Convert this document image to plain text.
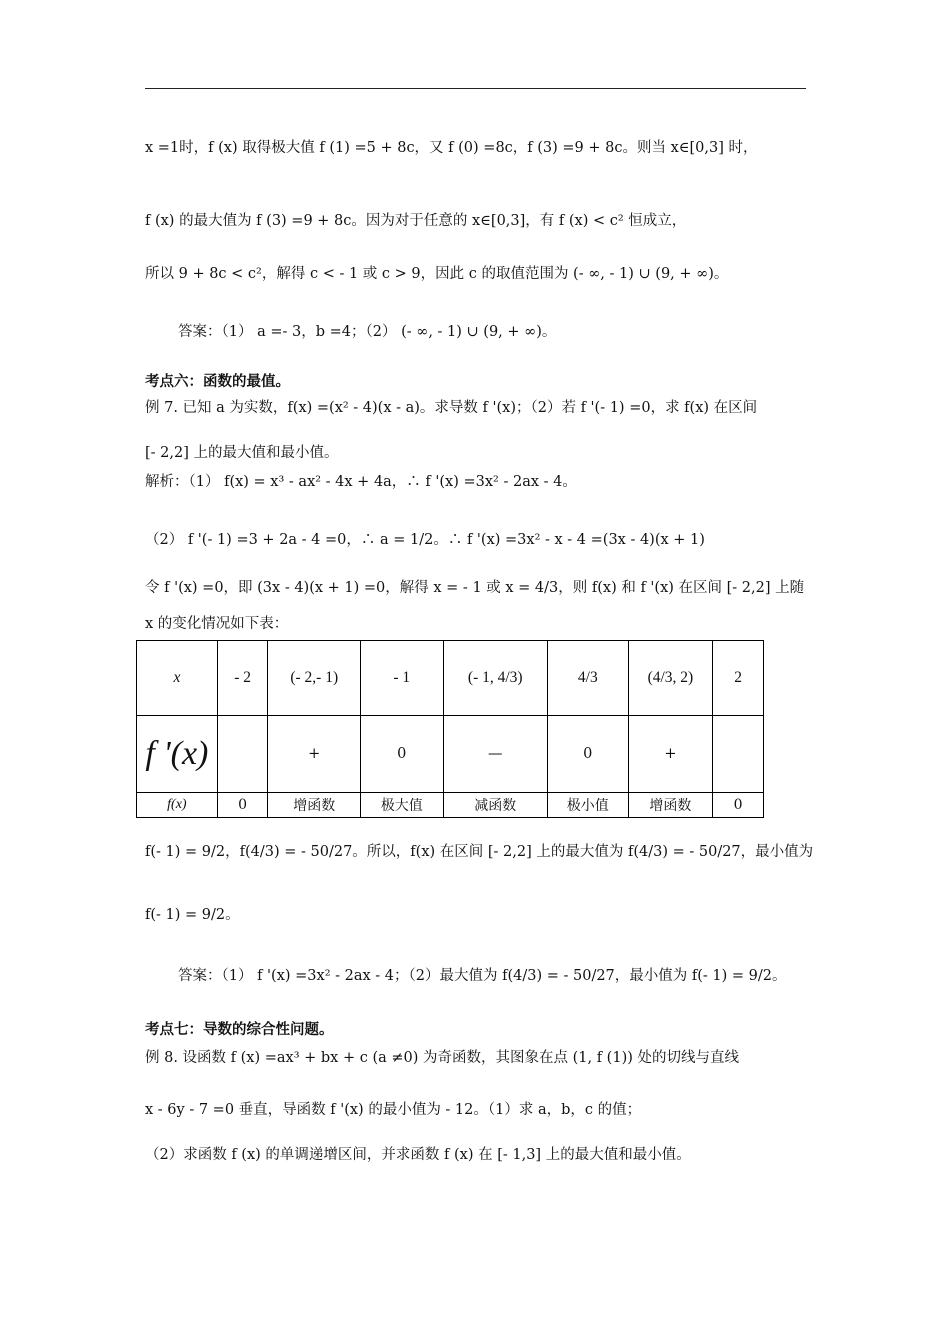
x =1时，f (x) 取得极大值 f (1) =5 + 8c，又 f (0) =8c，f (3) =9 + 8c。则当 x∈[0,3] 时，
f (x) 的最大值为 f (3) =9 + 8c。因为对于任意的 x∈[0,3]，有 f (x) < c² 恒成立，
所以 9 + 8c < c²，解得 c < - 1 或 c > 9，因此 c 的取值范围为 (- ∞, - 1) ∪ (9, + ∞)。
答案：（1） a =- 3，b =4；（2） (- ∞, - 1) ∪ (9, + ∞)。
考点六：函数的最值。
例 7. 已知 a 为实数，f(x) =(x² - 4)(x - a)。求导数 f '(x)；（2）若 f '(- 1) =0，求 f(x) 在区间
[- 2,2] 上的最大值和最小值。
解析：（1） f(x) = x³ - ax² - 4x + 4a，∴ f '(x) =3x² - 2ax - 4。
（2） f '(- 1) =3 + 2a - 4 =0，∴ a = 1/2。∴ f '(x) =3x² - x - 4 =(3x - 4)(x + 1)
令 f '(x) =0，即 (3x - 4)(x + 1) =0，解得 x = - 1 或 x = 4/3，则 f(x) 和 f '(x) 在区间 [- 2,2] 上随
x 的变化情况如下表：
x	- 2	(- 2,- 1)	- 1	(- 1, 4/3)	4/3	(4/3, 2)	2
f '(x)		+	0	—	0	+	
f(x)	0	增函数	极大值	减函数	极小值	增函数	0
f(- 1) = 9/2，f(4/3) = - 50/27。所以，f(x) 在区间 [- 2,2] 上的最大值为 f(4/3) = - 50/27，最小值为
f(- 1) = 9/2。
答案：（1） f '(x) =3x² - 2ax - 4；（2）最大值为 f(4/3) = - 50/27，最小值为 f(- 1) = 9/2。
考点七：导数的综合性问题。
例 8. 设函数 f (x) =ax³ + bx + c (a ≠0) 为奇函数，其图象在点 (1, f (1)) 处的切线与直线
x - 6y - 7 =0 垂直，导函数 f '(x) 的最小值为 - 12。（1）求 a，b，c 的值；
（2）求函数 f (x) 的单调递增区间，并求函数 f (x) 在 [- 1,3] 上的最大值和最小值。
